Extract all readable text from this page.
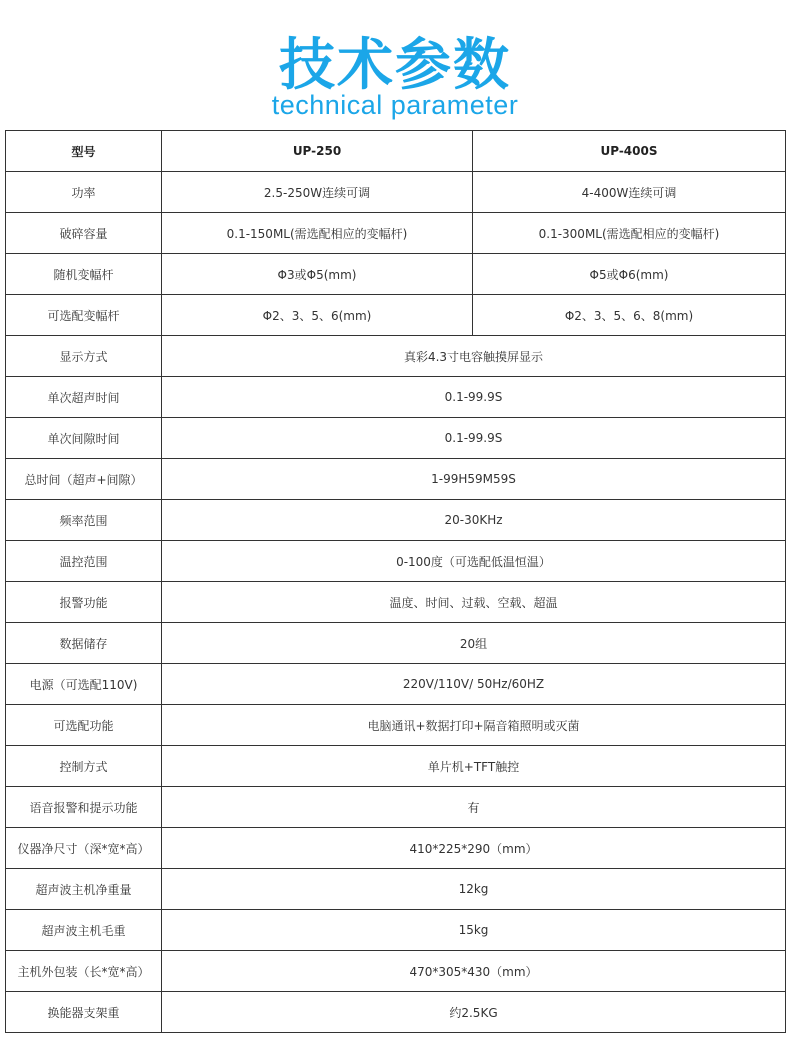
技术参数
technical parameter
型号	UP-250	UP-400S
功率	2.5-250W连续可调	4-400W连续可调
破碎容量	0.1-150ML(需选配相应的变幅杆)	0.1-300ML(需选配相应的变幅杆)
随机变幅杆	Φ3或Φ5(mm)	Φ5或Φ6(mm)
可选配变幅杆	Φ2、3、5、6(mm)	Φ2、3、5、6、8(mm)
显示方式	真彩4.3寸电容触摸屏显示	
单次超声时间	0.1-99.9S	
单次间隙时间	0.1-99.9S	
总时间（超声+间隙）	1-99H59M59S	
频率范围	20-30KHz	
温控范围	0-100度（可选配低温恒温）	
报警功能	温度、时间、过载、空载、超温	
数据储存	20组	
电源（可选配110V)	220V/110V/ 50Hz/60HZ	
可选配功能	电脑通讯+数据打印+隔音箱照明或灭菌	
控制方式	单片机+TFT触控	
语音报警和提示功能	有	
仪器净尺寸（深*宽*高）	410*225*290（mm）	
超声波主机净重量	12kg	
超声波主机毛重	15kg	
主机外包装（长*宽*高）	470*305*430（mm）	
换能器支架重	约2.5KG	
